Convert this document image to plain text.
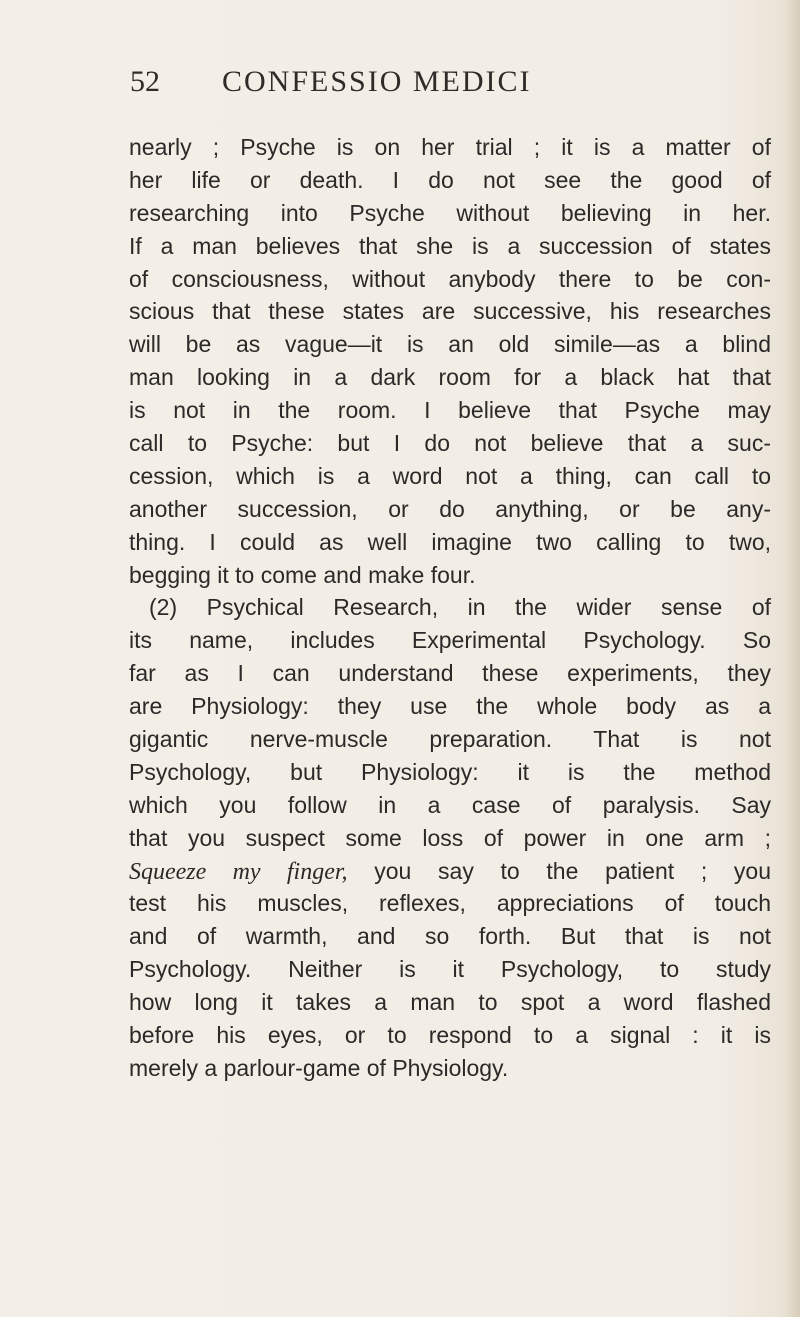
52 CONFESSIO MEDICI
nearly ; Psyche is on her trial ; it is a matter of
her life or death. I do not see the good of
researching into Psyche without believing in her.
If a man believes that she is a succession of states
of consciousness, without anybody there to be con-
scious that these states are successive, his researches
will be as vague—it is an old simile—as a blind
man looking in a dark room for a black hat that
is not in the room. I believe that Psyche may
call to Psyche: but I do not believe that a suc-
cession, which is a word not a thing, can call to
another succession, or do anything, or be any-
thing. I could as well imagine two calling to two,
begging it to come and make four.
(2) Psychical Research, in the wider sense of
its name, includes Experimental Psychology. So
far as I can understand these experiments, they
are Physiology: they use the whole body as a
gigantic nerve-muscle preparation. That is not
Psychology, but Physiology: it is the method
which you follow in a case of paralysis. Say
that you suspect some loss of power in one arm ;
Squeeze my finger, you say to the patient ; you
test his muscles, reflexes, appreciations of touch
and of warmth, and so forth. But that is not
Psychology. Neither is it Psychology, to study
how long it takes a man to spot a word flashed
before his eyes, or to respond to a signal : it is
merely a parlour-game of Physiology.
